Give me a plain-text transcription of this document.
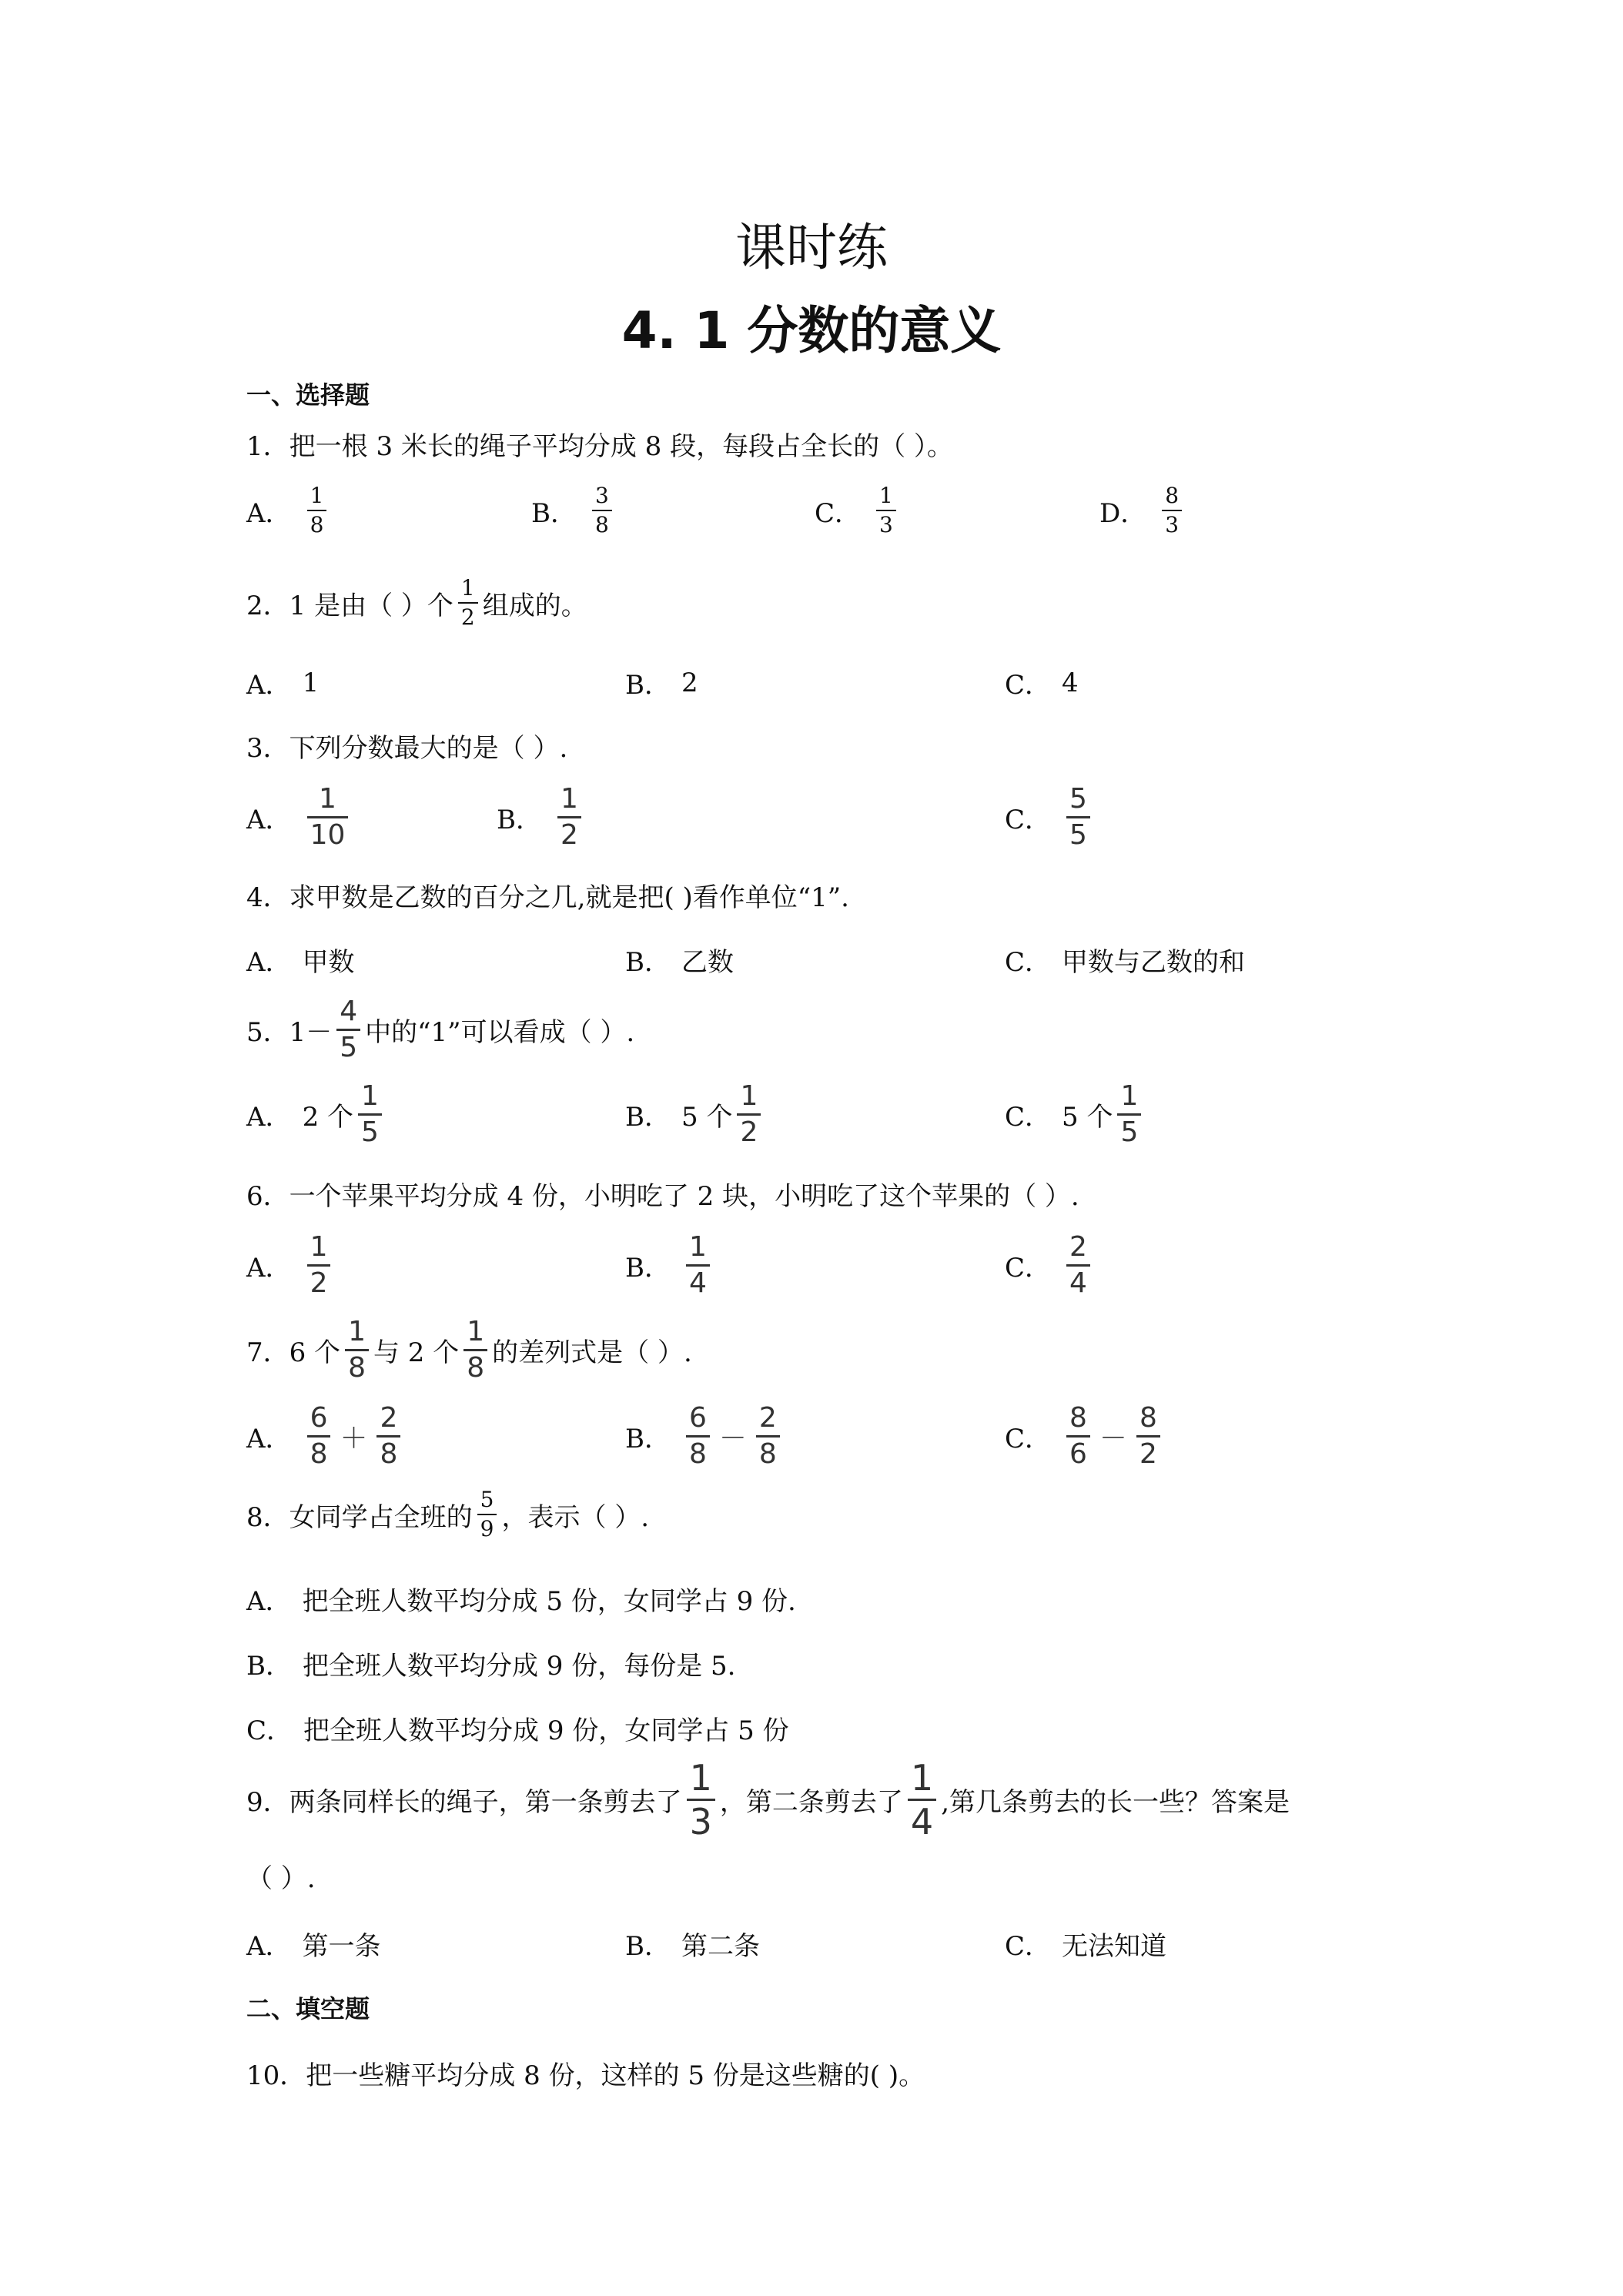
课时练
4. 1 分数的意义
一、选择题
1．把一根 3 米长的绳子平均分成 8 段，每段占全长的（ ）。
A． $\frac{1}{8}$	B． $\frac{3}{8}$	C． $\frac{1}{3}$	D． $\frac{8}{3}$
2．1 是由（ ）个 $\frac{1}{2}$ 组成的。
A． 1	B． 2	C． 4
3．下列分数最大的是（ ）.
A． $\frac{1}{10}$	B． $\frac{1}{2}$	C． $\frac{5}{5}$
4．求甲数是乙数的百分之几,就是把( )看作单位“1”.
A． 甲数	B． 乙数	C． 甲数与乙数的和
5．$1- \frac{4}{5}$ 中的“1”可以看成（ ）.
A． 2 个 $\frac{1}{5}$	B． 5 个 $\frac{1}{2}$	C． 5 个 $\frac{1}{5}$
6．一个苹果平均分成 4 份，小明吃了 2 块，小明吃了这个苹果的（ ）.
A． $\frac{1}{2}$	B． $\frac{1}{4}$	C． $\frac{2}{4}$
7．6 个 $\frac{1}{8}$ 与 2 个 $\frac{1}{8}$ 的差列式是（ ）.
A． $\frac{6}{8} + \frac{2}{8}$	B． $\frac{6}{8} - \frac{2}{8}$	C． $\frac{8}{6} - \frac{8}{2}$
8．女同学占全班的 $\frac{5}{9}$ ，表示（ ）.
A． 把全班人数平均分成 5 份，女同学占 9 份.
B． 把全班人数平均分成 9 份，每份是 5.
C． 把全班人数平均分成 9 份，女同学占 5 份
9．两条同样长的绳子，第一条剪去了 $\frac{1}{3}$ ，第二条剪去了 $\frac{1}{4}$ ,第几条剪去的长一些？答案是
（ ）.
A． 第一条	B． 第二条	C． 无法知道
二、填空题
10．把一些糖平均分成 8 份，这样的 5 份是这些糖的( )。
